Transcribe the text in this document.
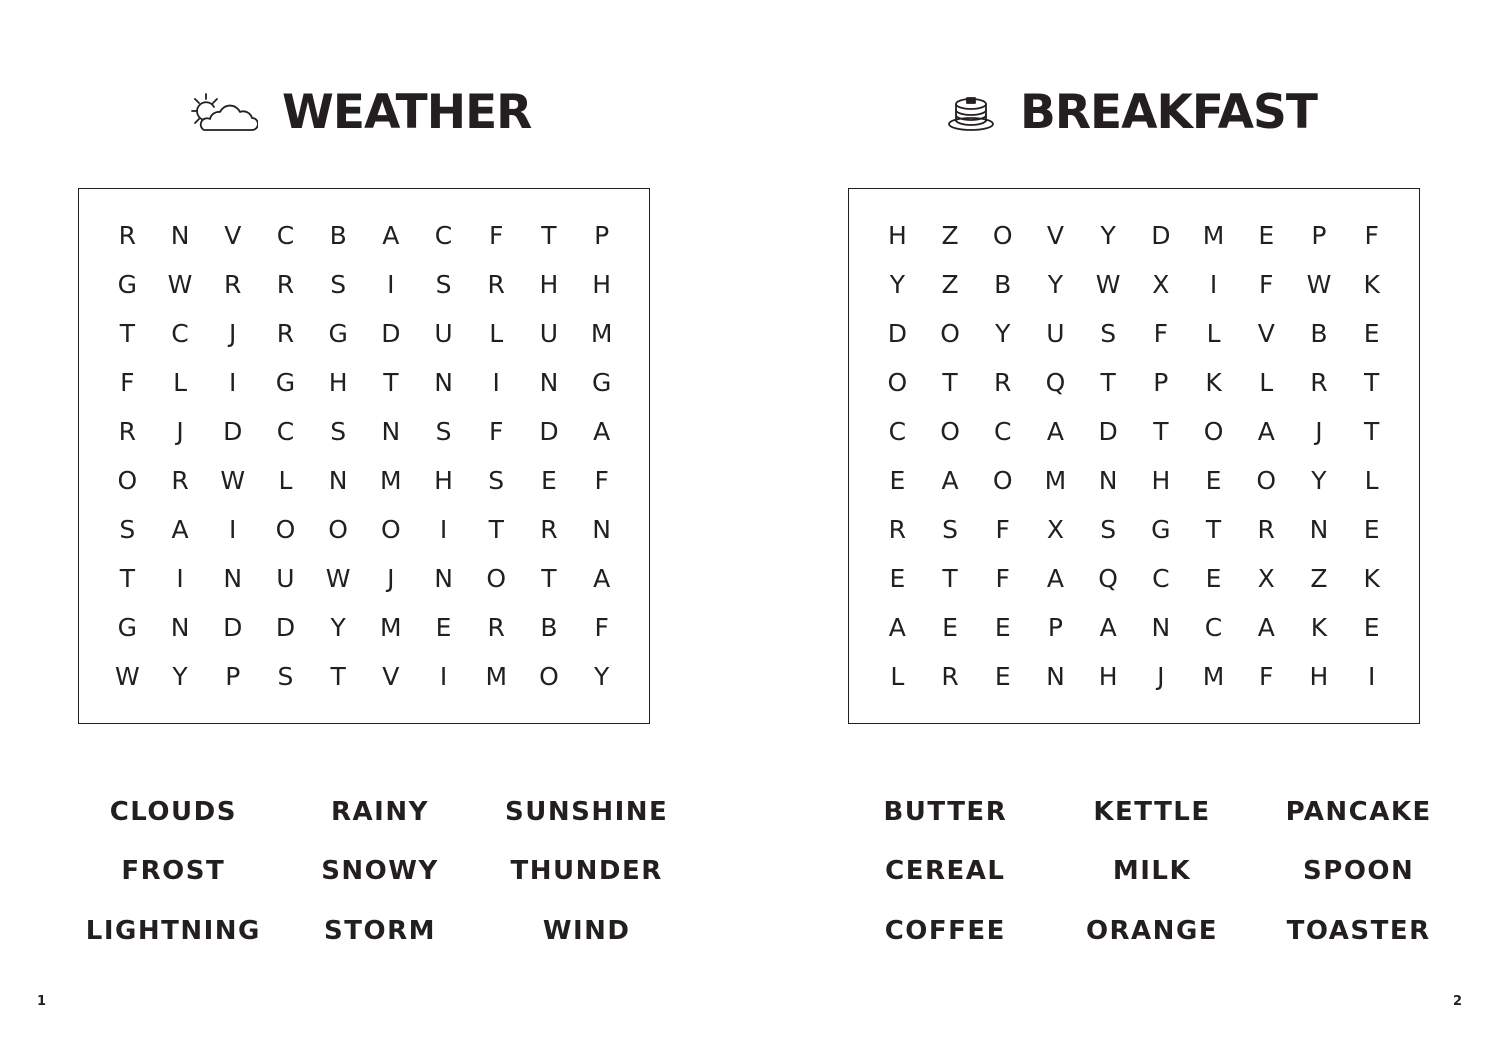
WEATHER
R	N	V	C	B	A	C	F	T	P
G	W	R	R	S	I	S	R	H	H
T	C	J	R	G	D	U	L	U	M
F	L	I	G	H	T	N	I	N	G
R	J	D	C	S	N	S	F	D	A
O	R	W	L	N	M	H	S	E	F
S	A	I	O	O	O	I	T	R	N
T	I	N	U	W	J	N	O	T	A
G	N	D	D	Y	M	E	R	B	F
W	Y	P	S	T	V	I	M	O	Y
CLOUDS	RAINY	SUNSHINE
FROST	SNOWY	THUNDER
LIGHTNING	STORM	WIND
1
BREAKFAST
H	Z	O	V	Y	D	M	E	P	F
Y	Z	B	Y	W	X	I	F	W	K
D	O	Y	U	S	F	L	V	B	E
O	T	R	Q	T	P	K	L	R	T
C	O	C	A	D	T	O	A	J	T
E	A	O	M	N	H	E	O	Y	L
R	S	F	X	S	G	T	R	N	E
E	T	F	A	Q	C	E	X	Z	K
A	E	E	P	A	N	C	A	K	E
L	R	E	N	H	J	M	F	H	I
BUTTER	KETTLE	PANCAKE
CEREAL	MILK	SPOON
COFFEE	ORANGE	TOASTER
2
